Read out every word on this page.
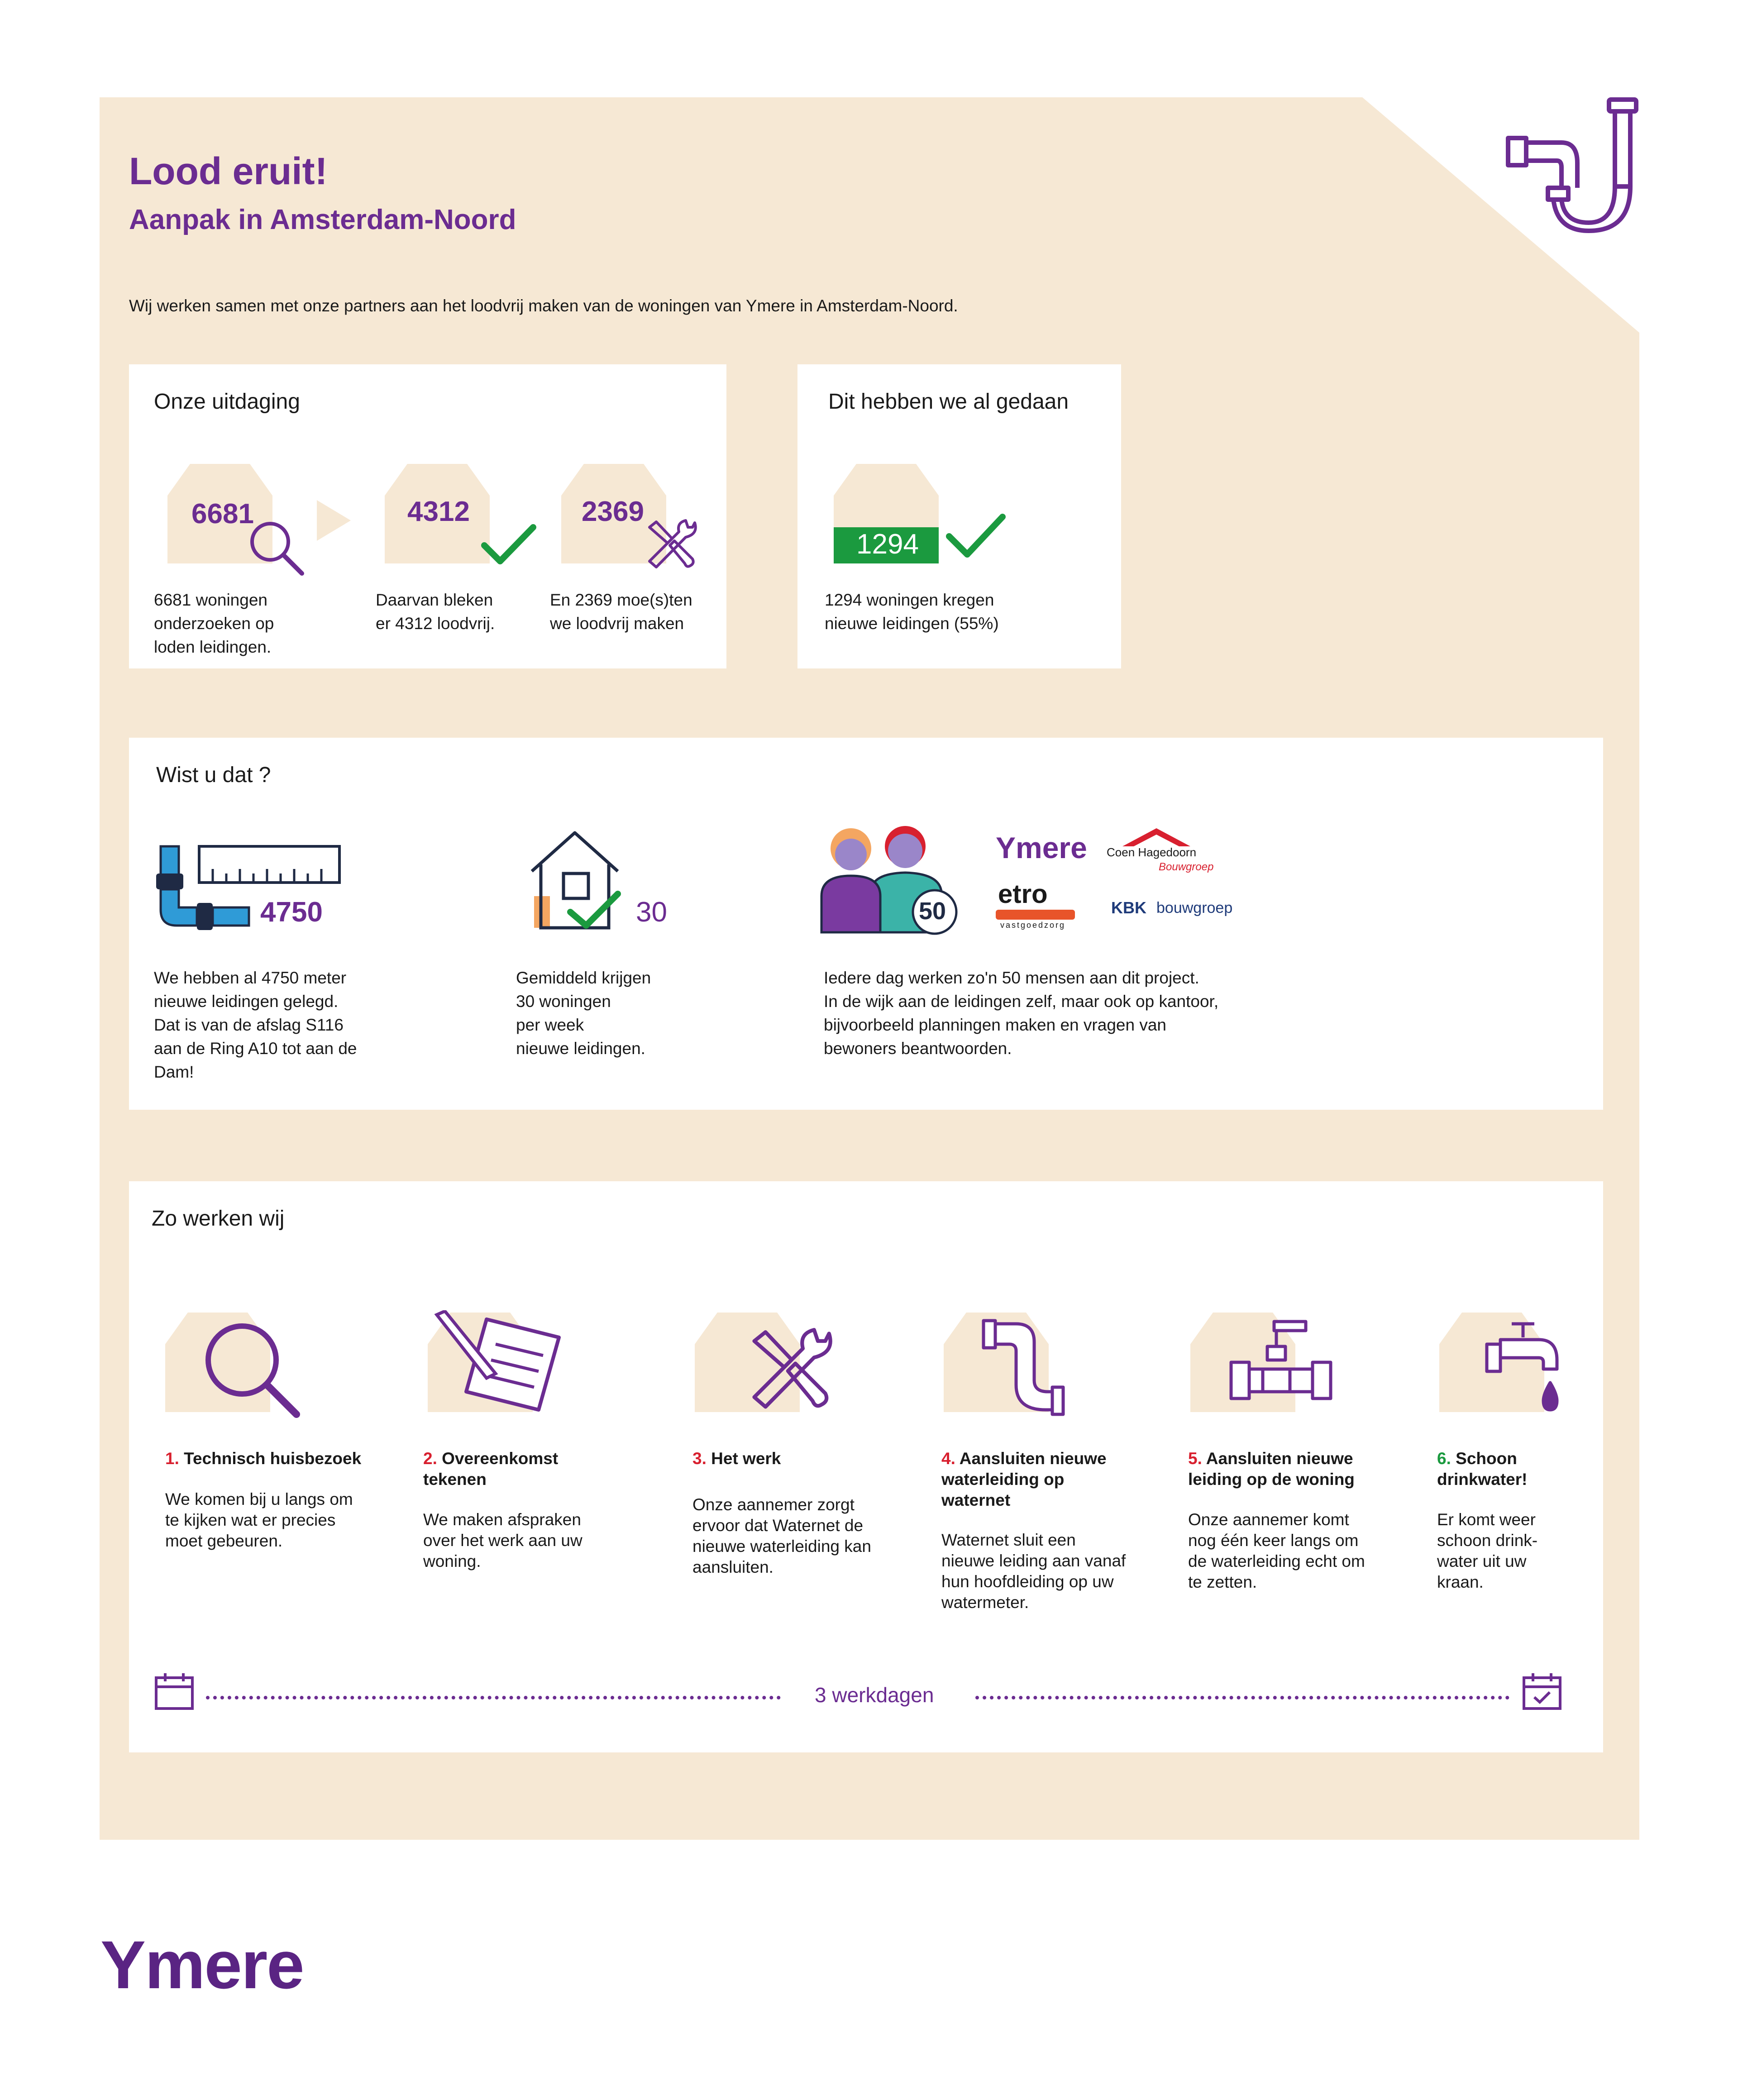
Lood eruit!
Aanpak in Amsterdam-Noord

Wij werken samen met onze partners aan het loodvrij maken van de woningen van Ymere in Amsterdam-Noord.

Onze uitdaging

6681

6681 woningen
onderzoeken op
loden leidingen.

4312

Daarvan bleken
er 4312 loodvrij.

2369

En 2369 moe(s)ten
we loodvrij maken

Dit hebben we al gedaan

1294

1294 woningen kregen
nieuwe leidingen (55%)

Wist u dat ?

4750

We hebben al 4750 meter
nieuwe leidingen gelegd.
Dat is van de afslag S116
aan de Ring A10 tot aan de
Dam!

30

Gemiddeld krijgen
30 woningen
per week
nieuwe leidingen.

50
Ymere Coen Hagedoorn
Bouwgroep
etro
vastgoedzorg
KBK bouwgroep

Iedere dag werken zo'n 50 mensen aan dit project.
In de wijk aan de leidingen zelf, maar ook op kantoor,
bijvoorbeeld planningen maken en vragen van
bewoners beantwoorden.

Zo werken wij

1. Technisch huisbezoek

We komen bij u langs om
te kijken wat er precies
moet gebeuren.

2. Overeenkomst
tekenen

We maken afspraken
over het werk aan uw
woning.

3. Het werk

Onze aannemer zorgt
ervoor dat Waternet de
nieuwe waterleiding kan
aansluiten.

4. Aansluiten nieuwe
waterleiding op
waternet

Waternet sluit een
nieuwe leiding aan vanaf
hun hoofdleiding op uw
watermeter.

5. Aansluiten nieuwe
leiding op de woning

Onze aannemer komt
nog één keer langs om
de waterleiding echt om
te zetten.

6. Schoon
drinkwater!

Er komt weer
schoon drink-
water uit uw
kraan.

3 werkdagen
Ymere
